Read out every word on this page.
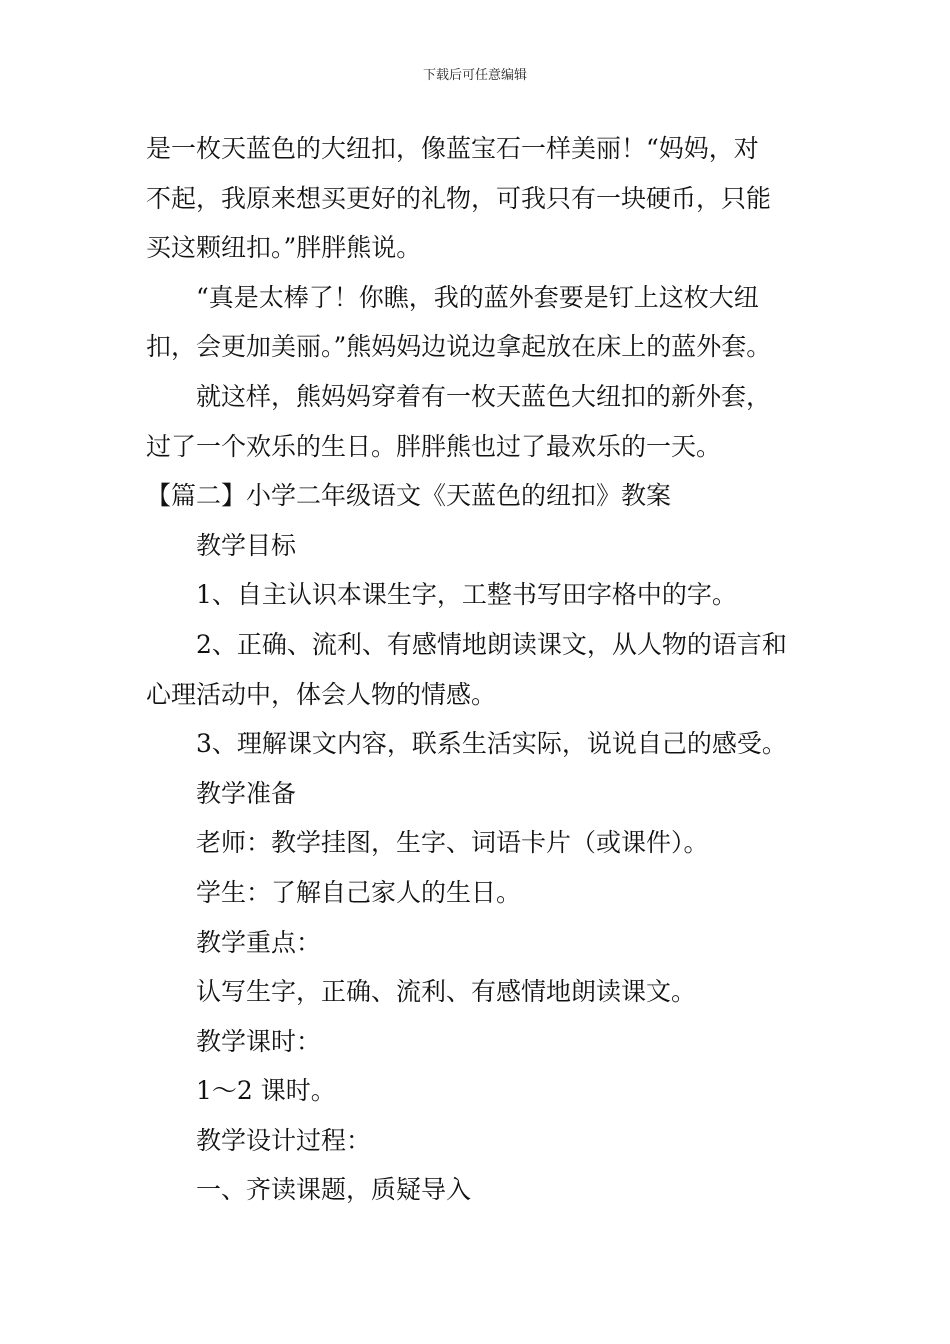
下载后可任意编辑
是一枚天蓝色的大纽扣，像蓝宝石一样美丽！“妈妈，对
不起，我原来想买更好的礼物，可我只有一块硬币，只能
买这颗纽扣。”胖胖熊说。
“真是太棒了！你瞧，我的蓝外套要是钉上这枚大纽
扣，会更加美丽。”熊妈妈边说边拿起放在床上的蓝外套。
就这样，熊妈妈穿着有一枚天蓝色大纽扣的新外套，
过了一个欢乐的生日。胖胖熊也过了最欢乐的一天。
【篇二】小学二年级语文《天蓝色的纽扣》教案
教学目标
1、自主认识本课生字，工整书写田字格中的字。
2、正确、流利、有感情地朗读课文，从人物的语言和
心理活动中，体会人物的情感。
3、理解课文内容，联系生活实际，说说自己的感受。
教学准备
老师：教学挂图，生字、词语卡片（或课件）。
学生：了解自己家人的生日。
教学重点：
认写生字，正确、流利、有感情地朗读课文。
教学课时：
1～2 课时。
教学设计过程：
一、齐读课题，质疑导入
